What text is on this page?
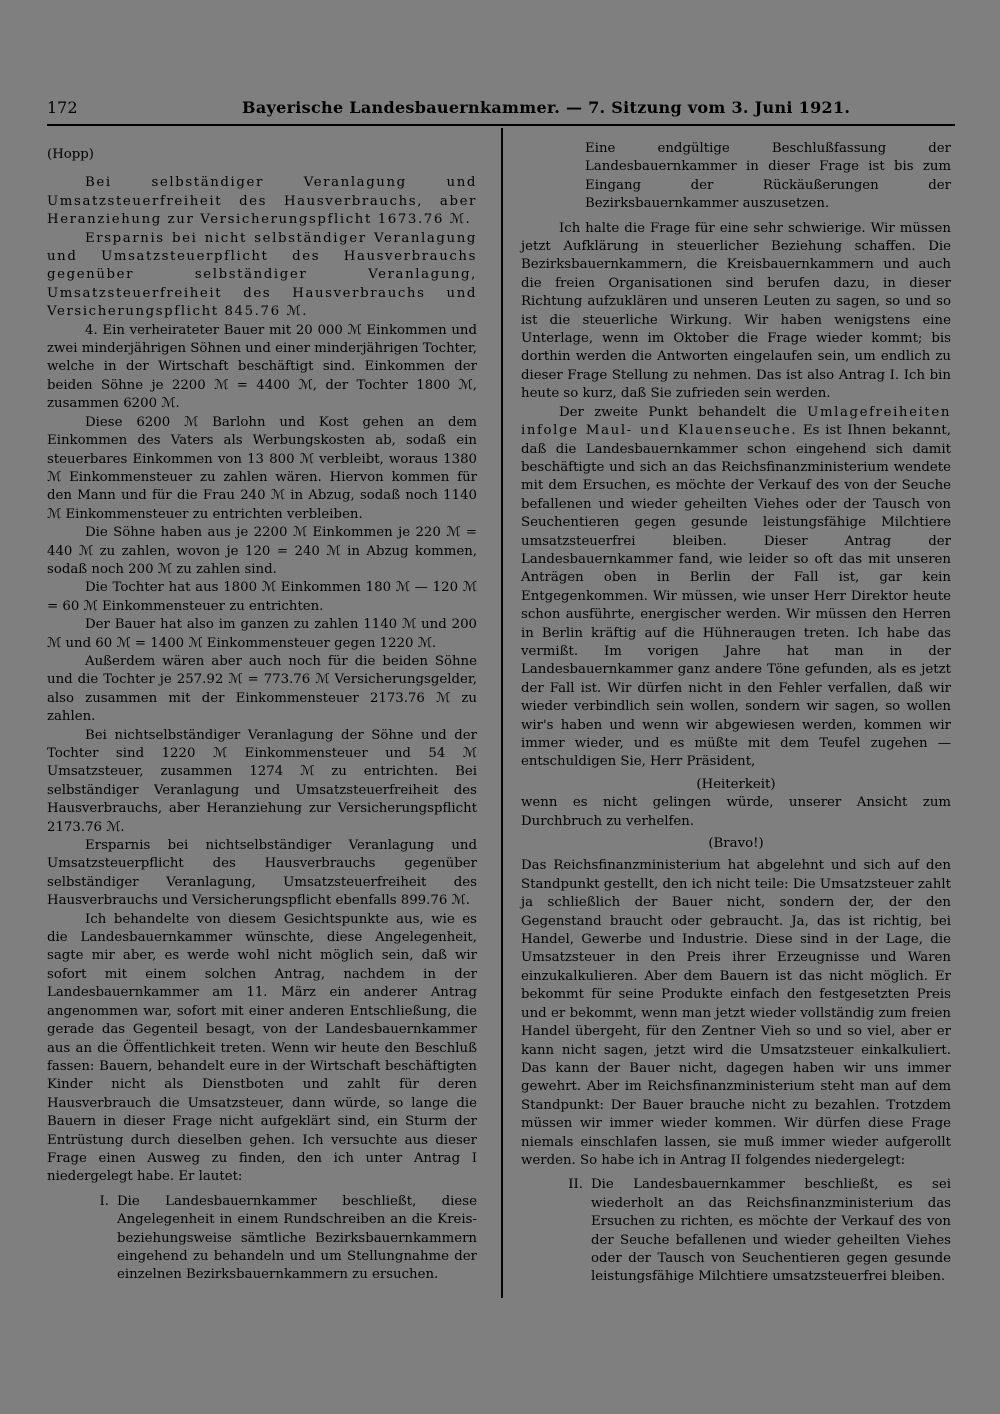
172	Bayerische Landesbauernkammer. — 7. Sitzung vom 3. Juni 1921.

(Hopp)

Bei selbständiger Veranlagung und Umsatzsteuerfreiheit des Hausverbrauchs, aber Heranziehung zur Versicherungspflicht 1673.76 ℳ.

Ersparnis bei nicht selbständiger Veranlagung und Umsatzsteuerpflicht des Hausverbrauchs gegenüber selbständiger Veranlagung, Umsatzsteuerfreiheit des Hausverbrauchs und Versicherungspflicht 845.76 ℳ.

4. Ein verheirateter Bauer mit 20 000 ℳ Einkommen und zwei minderjährigen Söhnen und einer minderjährigen Tochter, welche in der Wirtschaft beschäftigt sind. Einkommen der beiden Söhne je 2200 ℳ = 4400 ℳ, der Tochter 1800 ℳ, zusammen 6200 ℳ.

Diese 6200 ℳ Barlohn und Kost gehen an dem Einkommen des Vaters als Werbungskosten ab, sodaß ein steuerbares Einkommen von 13 800 ℳ verbleibt, woraus 1380 ℳ Einkommensteuer zu zahlen wären. Hiervon kommen für den Mann und für die Frau 240 ℳ in Abzug, sodaß noch 1140 ℳ Einkommensteuer zu entrichten verbleiben.

Die Söhne haben aus je 2200 ℳ Einkommen je 220 ℳ = 440 ℳ zu zahlen, wovon je 120 = 240 ℳ in Abzug kommen, sodaß noch 200 ℳ zu zahlen sind.

Die Tochter hat aus 1800 ℳ Einkommen 180 ℳ — 120 ℳ = 60 ℳ Einkommensteuer zu entrichten.

Der Bauer hat also im ganzen zu zahlen 1140 ℳ und 200 ℳ und 60 ℳ = 1400 ℳ Einkommensteuer gegen 1220 ℳ.

Außerdem wären aber auch noch für die beiden Söhne und die Tochter je 257.92 ℳ = 773.76 ℳ Versicherungsgelder, also zusammen mit der Einkommensteuer 2173.76 ℳ zu zahlen.

Bei nichtselbständiger Veranlagung der Söhne und der Tochter sind 1220 ℳ Einkommensteuer und 54 ℳ Umsatzsteuer, zusammen 1274 ℳ zu entrichten. Bei selbständiger Veranlagung und Umsatzsteuerfreiheit des Hausverbrauchs, aber Heranziehung zur Versicherungspflicht 2173.76 ℳ.

Ersparnis bei nichtselbständiger Veranlagung und Umsatzsteuerpflicht des Hausverbrauchs gegenüber selbständiger Veranlagung, Umsatzsteuerfreiheit des Hausverbrauchs und Versicherungspflicht ebenfalls 899.76 ℳ.

Ich behandelte von diesem Gesichtspunkte aus, wie es die Landesbauernkammer wünschte, diese Angelegenheit, sagte mir aber, es werde wohl nicht möglich sein, daß wir sofort mit einem solchen Antrag, nachdem in der Landesbauernkammer am 11. März ein anderer Antrag angenommen war, sofort mit einer anderen Entschließung, die gerade das Gegenteil besagt, von der Landesbauernkammer aus an die Öffentlichkeit treten. Wenn wir heute den Beschluß fassen: Bauern, behandelt eure in der Wirtschaft beschäftigten Kinder nicht als Dienstboten und zahlt für deren Hausverbrauch die Umsatzsteuer, dann würde, so lange die Bauern in dieser Frage nicht aufgeklärt sind, ein Sturm der Entrüstung durch dieselben gehen. Ich versuchte aus dieser Frage einen Ausweg zu finden, den ich unter Antrag I niedergelegt habe. Er lautet:

I. Die Landesbauernkammer beschließt, diese Angelegenheit in einem Rundschreiben an die Kreis- beziehungsweise sämtliche Bezirksbauernkammern eingehend zu behandeln und um Stellungnahme der einzelnen Bezirksbauernkammern zu ersuchen.

Eine endgültige Beschlußfassung der Landesbauernkammer in dieser Frage ist bis zum Eingang der Rückäußerungen der Bezirksbauernkammer auszusetzen.

Ich halte die Frage für eine sehr schwierige. Wir müssen jetzt Aufklärung in steuerlicher Beziehung schaffen. Die Bezirksbauernkammern, die Kreisbauernkammern und auch die freien Organisationen sind berufen dazu, in dieser Richtung aufzuklären und unseren Leuten zu sagen, so und so ist die steuerliche Wirkung. Wir haben wenigstens eine Unterlage, wenn im Oktober die Frage wieder kommt; bis dorthin werden die Antworten eingelaufen sein, um endlich zu dieser Frage Stellung zu nehmen. Das ist also Antrag I. Ich bin heute so kurz, daß Sie zufrieden sein werden.

Der zweite Punkt behandelt die Umlagefreiheiten infolge Maul- und Klauenseuche. Es ist Ihnen bekannt, daß die Landesbauernkammer schon eingehend sich damit beschäftigte und sich an das Reichsfinanzministerium wendete mit dem Ersuchen, es möchte der Verkauf des von der Seuche befallenen und wieder geheilten Viehes oder der Tausch von Seuchentieren gegen gesunde leistungsfähige Milchtiere umsatzsteuerfrei bleiben. Dieser Antrag der Landesbauernkammer fand, wie leider so oft das mit unseren Anträgen oben in Berlin der Fall ist, gar kein Entgegenkommen. Wir müssen, wie unser Herr Direktor heute schon ausführte, energischer werden. Wir müssen den Herren in Berlin kräftig auf die Hühneraugen treten. Ich habe das vermißt. Im vorigen Jahre hat man in der Landesbauernkammer ganz andere Töne gefunden, als es jetzt der Fall ist. Wir dürfen nicht in den Fehler verfallen, daß wir wieder verbindlich sein wollen, sondern wir sagen, so wollen wir's haben und wenn wir abgewiesen werden, kommen wir immer wieder, und es müßte mit dem Teufel zugehen — entschuldigen Sie, Herr Präsident,

(Heiterkeit)

wenn es nicht gelingen würde, unserer Ansicht zum Durchbruch zu verhelfen.

(Bravo!)

Das Reichsfinanzministerium hat abgelehnt und sich auf den Standpunkt gestellt, den ich nicht teile: Die Umsatzsteuer zahlt ja schließlich der Bauer nicht, sondern der, der den Gegenstand braucht oder gebraucht. Ja, das ist richtig, bei Handel, Gewerbe und Industrie. Diese sind in der Lage, die Umsatzsteuer in den Preis ihrer Erzeugnisse und Waren einzukalkulieren. Aber dem Bauern ist das nicht möglich. Er bekommt für seine Produkte einfach den festgesetzten Preis und er bekommt, wenn man jetzt wieder vollständig zum freien Handel übergeht, für den Zentner Vieh so und so viel, aber er kann nicht sagen, jetzt wird die Umsatzsteuer einkalkuliert. Das kann der Bauer nicht, dagegen haben wir uns immer gewehrt. Aber im Reichsfinanzministerium steht man auf dem Standpunkt: Der Bauer brauche nicht zu bezahlen. Trotzdem müssen wir immer wieder kommen. Wir dürfen diese Frage niemals einschlafen lassen, sie muß immer wieder aufgerollt werden. So habe ich in Antrag II folgendes niedergelegt:

II. Die Landesbauernkammer beschließt, es sei wiederholt an das Reichsfinanzministerium das Ersuchen zu richten, es möchte der Verkauf des von der Seuche befallenen und wieder geheilten Viehes oder der Tausch von Seuchentieren gegen gesunde leistungsfähige Milchtiere umsatzsteuerfrei bleiben.
